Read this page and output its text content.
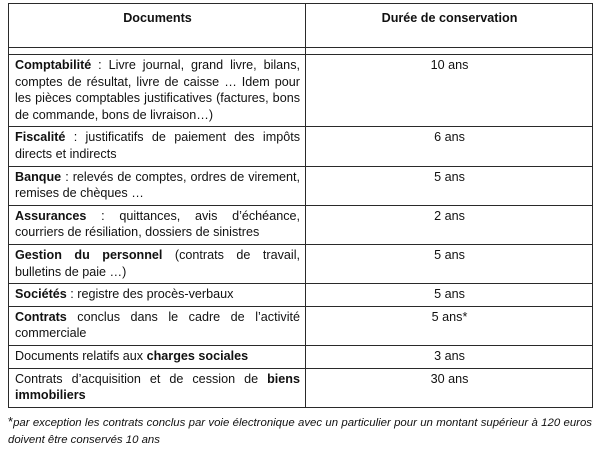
Documents	Durée de conservation

Comptabilité : Livre journal, grand livre, bilans, comptes de résultat, livre de caisse … Idem pour les pièces comptables justificatives (factures, bons de commande, bons de livraison…)	10 ans
Fiscalité : justificatifs de paiement des impôts directs et indirects	6 ans
Banque : relevés de comptes, ordres de virement, remises de chèques …	5 ans
Assurances : quittances, avis d’échéance, courriers de résiliation, dossiers de sinistres	2 ans
Gestion du personnel (contrats de travail, bulletins de paie …)	5 ans
Sociétés : registre des procès-verbaux	5 ans
Contrats conclus dans le cadre de l’activité commerciale	5 ans*
Documents relatifs aux charges sociales	3 ans
Contrats d’acquisition et de cession de biens immobiliers	30 ans
*par exception les contrats conclus par voie électronique avec un particulier pour un montant supérieur à 120 euros doivent être conservés 10 ans
